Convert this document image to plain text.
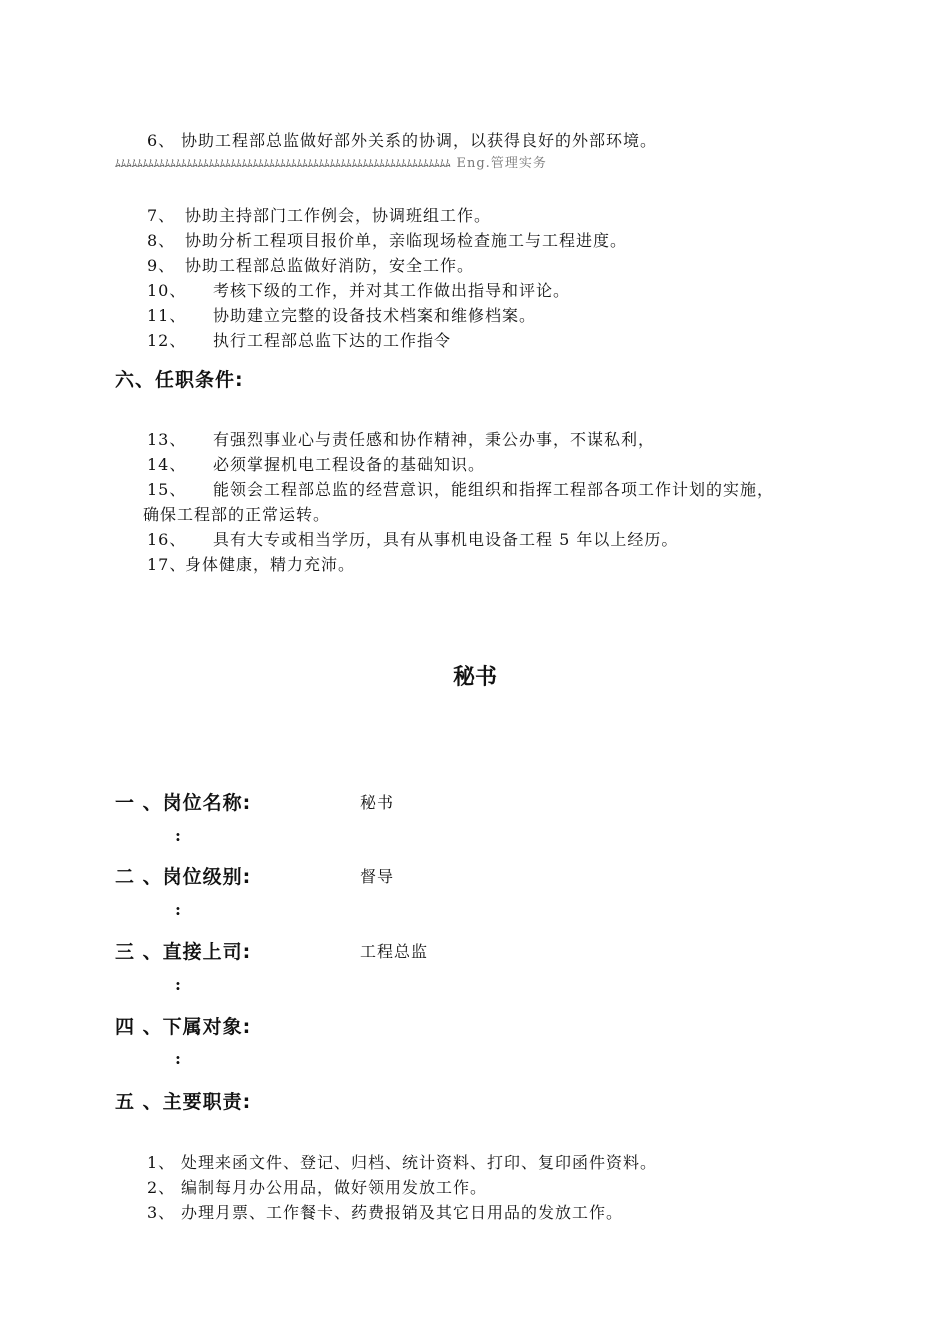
6、 协助工程部总监做好部外关系的协调，以获得良好的外部环境。
ﾑﾑﾑﾑﾑﾑﾑﾑﾑﾑﾑﾑﾑﾑﾑﾑﾑﾑﾑﾑﾑﾑﾑﾑﾑﾑﾑﾑﾑﾑﾑﾑﾑﾑﾑﾑﾑﾑﾑﾑﾑﾑﾑﾑﾑﾑﾑﾑﾑﾑﾑﾑﾑﾑﾑﾑﾑﾑﾑﾑﾑ Eng.管理实务
7、 协助主持部门工作例会，协调班组工作。
8、 协助分析工程项目报价单，亲临现场检查施工与工程进度。
9、 协助工程部总监做好消防，安全工作。
10、 考核下级的工作，并对其工作做出指导和评论。
11、 协助建立完整的设备技术档案和维修档案。
12、 执行工程部总监下达的工作指令
六、任职条件:
13、 有强烈事业心与责任感和协作精神，秉公办事，不谋私利，
14、 必须掌握机电工程设备的基础知识。
15、 能领会工程部总监的经营意识，能组织和指挥工程部各项工作计划的实施，
确保工程部的正常运转。
16、 具有大专或相当学历，具有从事机电设备工程 5 年以上经历。
17、身体健康，精力充沛。
秘书
一 、岗位名称:	秘书
:
二 、岗位级别:	督导
:
三 、直接上司:	工程总监
:
四 、下属对象:
:
五 、主要职责:
1、 处理来函文件、登记、归档、统计资料、打印、复印函件资料。
2、 编制每月办公用品，做好领用发放工作。
3、 办理月票、工作餐卡、药费报销及其它日用品的发放工作。
